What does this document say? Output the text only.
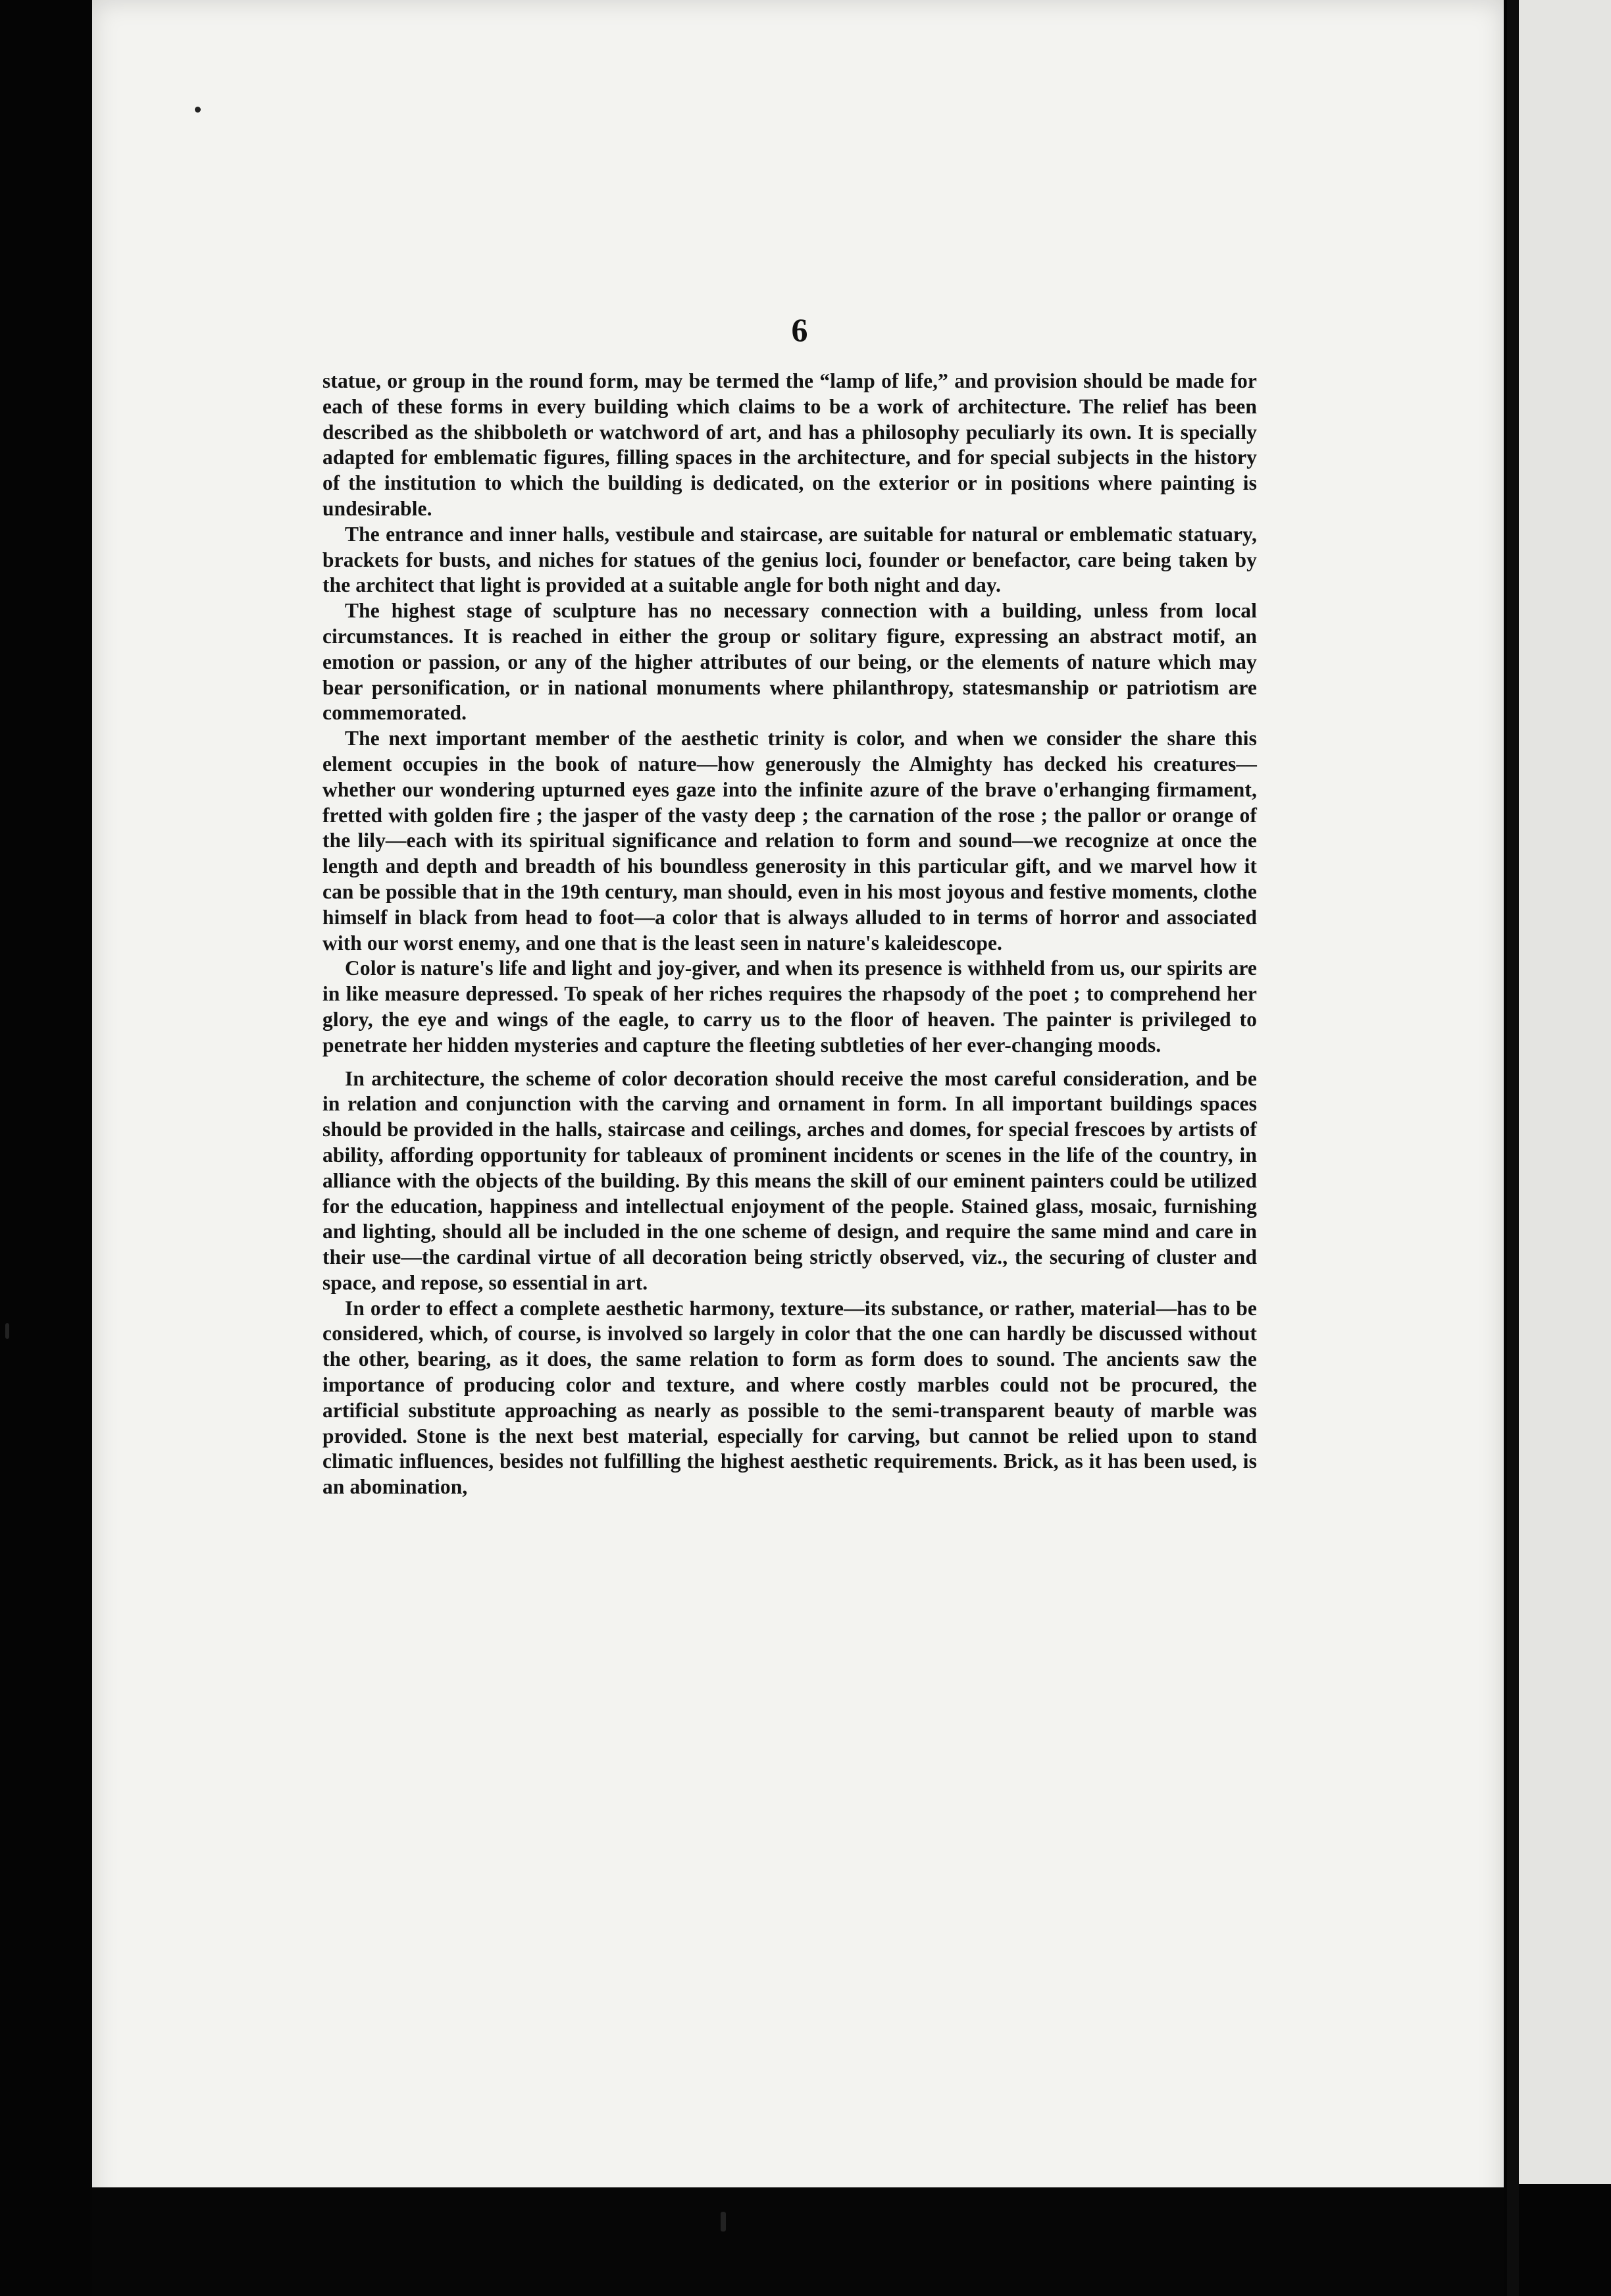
6

statue, or group in the round form, may be termed the “lamp of life,” and provision should be made for each of these forms in every building which claims to be a work of architecture. The relief has been described as the shibboleth or watchword of art, and has a philosophy peculiarly its own. It is specially adapted for emblematic figures, filling spaces in the architecture, and for special subjects in the history of the institution to which the building is dedicated, on the exterior or in positions where painting is undesirable.

The entrance and inner halls, vestibule and staircase, are suitable for natural or emblematic statuary, brackets for busts, and niches for statues of the genius loci, founder or benefactor, care being taken by the architect that light is provided at a suitable angle for both night and day.

The highest stage of sculpture has no necessary connection with a building, unless from local circumstances. It is reached in either the group or solitary figure, expressing an abstract motif, an emotion or passion, or any of the higher attributes of our being, or the elements of nature which may bear personification, or in national monuments where philanthropy, statesmanship or patriotism are commemorated.

The next important member of the aesthetic trinity is color, and when we consider the share this element occupies in the book of nature—how generously the Almighty has decked his creatures—whether our wondering upturned eyes gaze into the infinite azure of the brave o'erhanging firmament, fretted with golden fire ; the jasper of the vasty deep ; the carnation of the rose ; the pallor or orange of the lily—each with its spiritual significance and relation to form and sound—we recognize at once the length and depth and breadth of his boundless generosity in this particular gift, and we marvel how it can be possible that in the 19th century, man should, even in his most joyous and festive moments, clothe himself in black from head to foot—a color that is always alluded to in terms of horror and associated with our worst enemy, and one that is the least seen in nature's kaleidescope.

Color is nature's life and light and joy-giver, and when its presence is withheld from us, our spirits are in like measure depressed. To speak of her riches requires the rhapsody of the poet ; to comprehend her glory, the eye and wings of the eagle, to carry us to the floor of heaven. The painter is privileged to penetrate her hidden mysteries and capture the fleeting subtleties of her ever-changing moods.

In architecture, the scheme of color decoration should receive the most careful consideration, and be in relation and conjunction with the carving and ornament in form. In all important buildings spaces should be provided in the halls, staircase and ceilings, arches and domes, for special frescoes by artists of ability, affording opportunity for tableaux of prominent incidents or scenes in the life of the country, in alliance with the objects of the building. By this means the skill of our eminent painters could be utilized for the education, happiness and intellectual enjoyment of the people. Stained glass, mosaic, furnishing and lighting, should all be included in the one scheme of design, and require the same mind and care in their use—the cardinal virtue of all decoration being strictly observed, viz., the securing of cluster and space, and repose, so essential in art.

In order to effect a complete aesthetic harmony, texture—its substance, or rather, material—has to be considered, which, of course, is involved so largely in color that the one can hardly be discussed without the other, bearing, as it does, the same relation to form as form does to sound. The ancients saw the importance of producing color and texture, and where costly marbles could not be procured, the artificial substitute approaching as nearly as possible to the semi-transparent beauty of marble was provided. Stone is the next best material, especially for carving, but cannot be relied upon to stand climatic influences, besides not fulfilling the highest aesthetic requirements. Brick, as it has been used, is an abomination,
